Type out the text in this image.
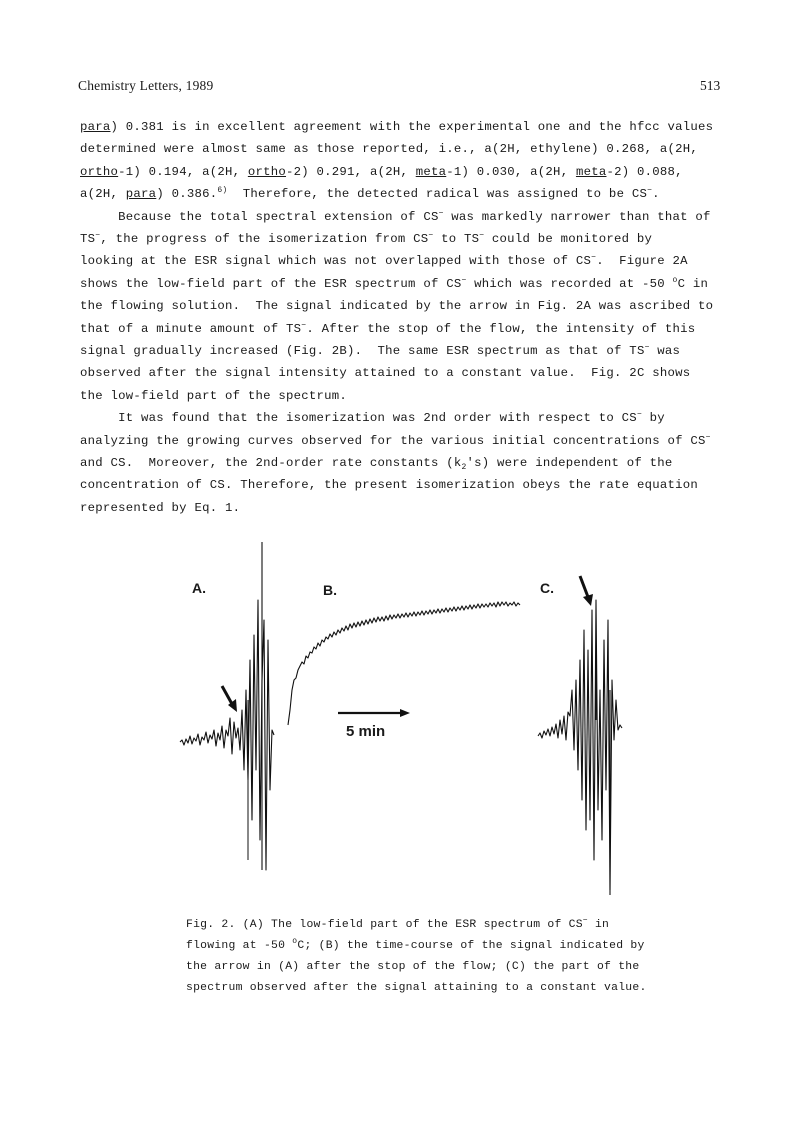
Chemistry Letters, 1989	513
para) 0.381 is in excellent agreement with the experimental one and the hfcc values
determined were almost same as those reported, i.e., a(2H, ethylene) 0.268, a(2H,
ortho-1) 0.194, a(2H, ortho-2) 0.291, a(2H, meta-1) 0.030, a(2H, meta-2) 0.088,
a(2H, para) 0.386.$^{6)}$  Therefore, the detected radical was assigned to be CS−.
Because the total spectral extension of CS− was markedly narrower than that of
TS−, the progress of the isomerization from CS− to TS− could be monitored by
looking at the ESR signal which was not overlapped with those of CS−.  Figure 2A
shows the low-field part of the ESR spectrum of CS− which was recorded at -50 $^o$C in
the flowing solution.  The signal indicated by the arrow in Fig. 2A was ascribed to
that of a minute amount of TS−. After the stop of the flow, the intensity of this
signal gradually increased (Fig. 2B).  The same ESR spectrum as that of TS− was
observed after the signal intensity attained to a constant value.  Fig. 2C shows
the low-field part of the spectrum.
It was found that the isomerization was 2nd order with respect to CS− by
analyzing the growing curves observed for the various initial concentrations of CS−
and CS.  Moreover, the 2nd-order rate constants $(k_2's)$ were independent of the
concentration of CS. Therefore, the present isomerization obeys the rate equation
represented by Eq. 1.
A.	B.	C.
5 min
Fig. 2. (A) The low-field part of the ESR spectrum of CS− in
flowing at -50 $^o$C; (B) the time-course of the signal indicated by
the arrow in (A) after the stop of the flow; (C) the part of the
spectrum observed after the signal attaining to a constant value.
